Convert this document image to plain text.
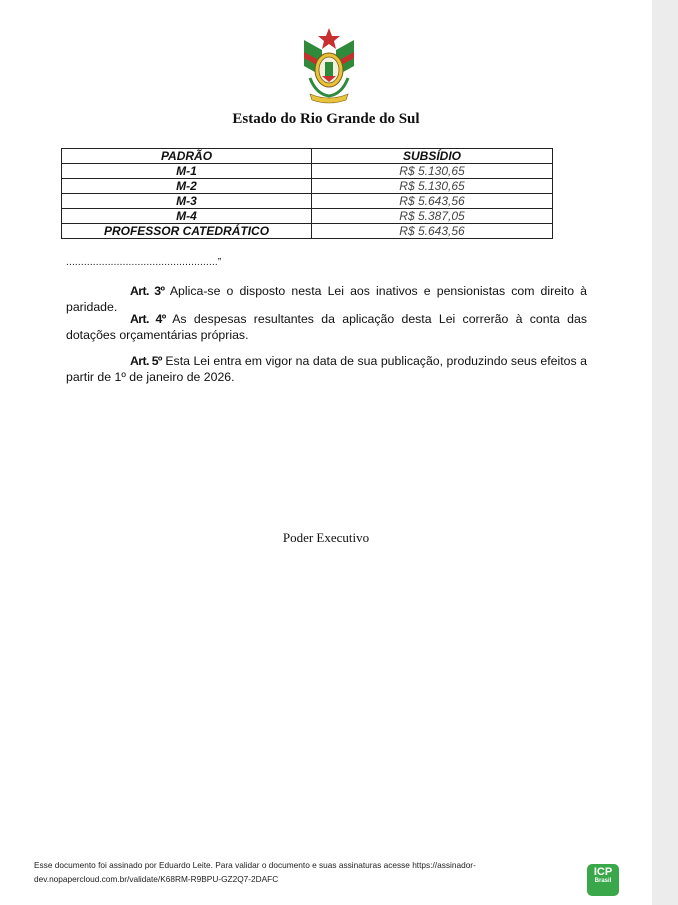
Estado do Rio Grande do Sul
PADRÃO	SUBSÍDIO
M-1	R$ 5.130,65
M-2	R$ 5.130,65
M-3	R$ 5.643,56
M-4	R$ 5.387,05
PROFESSOR CATEDRÁTICO	R$ 5.643,56
...................................................”
Art. 3º Aplica-se o disposto nesta Lei aos inativos e pensionistas com direito à paridade.
Art. 4º As despesas resultantes da aplicação desta Lei correrão à conta das dotações orçamentárias próprias.
Art. 5º Esta Lei entra em vigor na data de sua publicação, produzindo seus efeitos a partir de 1º de janeiro de 2026.
Poder Executivo
Esse documento foi assinado por Eduardo Leite. Para validar o documento e suas assinaturas acesse https://assinador-
dev.nopapercloud.com.br/validate/K68RM-R9BPU-GZ2Q7-2DAFC
ICP
Brasil
